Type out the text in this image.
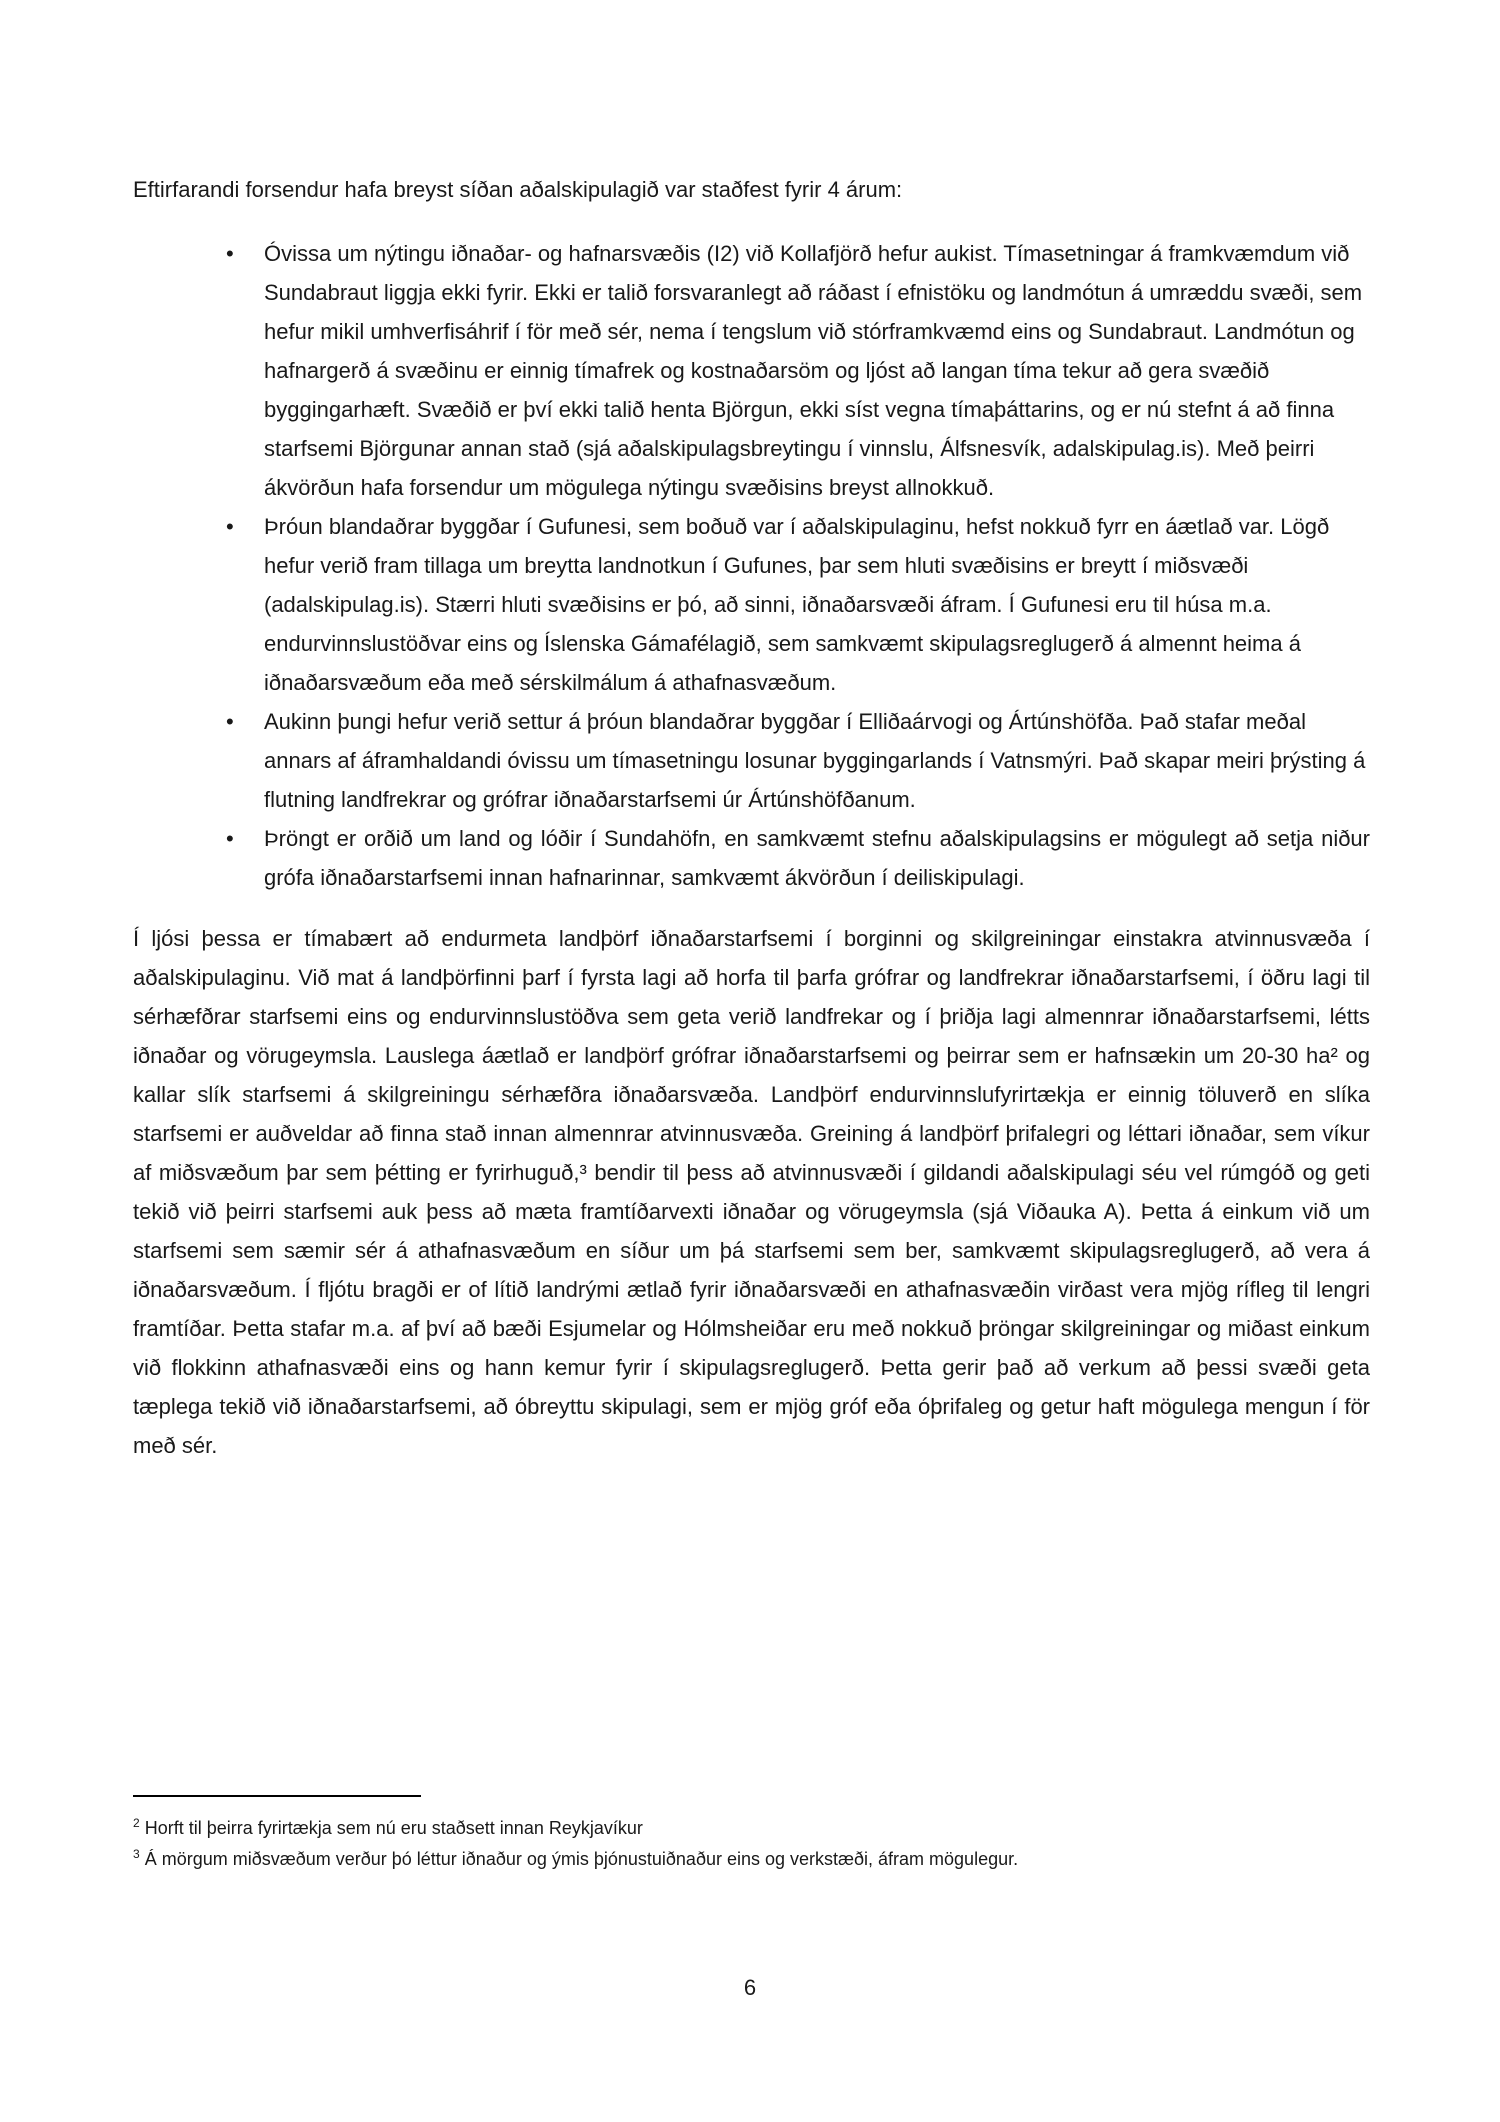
Eftirfarandi forsendur hafa breyst síðan aðalskipulagið var staðfest fyrir 4 árum:

•	Óvissa um nýtingu iðnaðar- og hafnarsvæðis (I2) við Kollafjörð hefur aukist. Tímasetningar á framkvæmdum við Sundabraut liggja ekki fyrir. Ekki er talið forsvaranlegt að ráðast í efnistöku og landmótun á umræddu svæði, sem hefur mikil umhverfisáhrif í för með sér, nema í tengslum við stórframkvæmd eins og Sundabraut. Landmótun og hafnargerð á svæðinu er einnig tímafrek og kostnaðarsöm og ljóst að langan tíma tekur að gera svæðið byggingarhæft. Svæðið er því ekki talið henta Björgun, ekki síst vegna tímaþáttarins, og er nú stefnt á að finna starfsemi Björgunar annan stað (sjá aðalskipulagsbreytingu í vinnslu, Álfsnesvík, adalskipulag.is). Með þeirri ákvörðun hafa forsendur um mögulega nýtingu svæðisins breyst allnokkuð.
•	Þróun blandaðrar byggðar í Gufunesi, sem boðuð var í aðalskipulaginu, hefst nokkuð fyrr en áætlað var. Lögð hefur verið fram tillaga um breytta landnotkun í Gufunes, þar sem hluti svæðisins er breytt í miðsvæði (adalskipulag.is). Stærri hluti svæðisins er þó, að sinni, iðnaðarsvæði áfram. Í Gufunesi eru til húsa m.a. endurvinnslustöðvar eins og Íslenska Gámafélagið, sem samkvæmt skipulagsreglugerð á almennt heima á iðnaðarsvæðum eða með sérskilmálum á athafnasvæðum.
•	Aukinn þungi hefur verið settur á þróun blandaðrar byggðar í Elliðaárvogi og Ártúnshöfða. Það stafar meðal annars af áframhaldandi óvissu um tímasetningu losunar byggingarlands í Vatnsmýri. Það skapar meiri þrýsting á flutning landfrekrar og grófrar iðnaðarstarfsemi úr Ártúnshöfðanum.
•	Þröngt er orðið um land og lóðir í Sundahöfn, en samkvæmt stefnu aðalskipulagsins er mögulegt að setja niður grófa iðnaðarstarfsemi innan hafnarinnar, samkvæmt ákvörðun í deiliskipulagi.

Í ljósi þessa er tímabært að endurmeta landþörf iðnaðarstarfsemi í borginni og skilgreiningar einstakra atvinnusvæða í aðalskipulaginu. Við mat á landþörfinni þarf í fyrsta lagi að horfa til þarfa grófrar og landfrekrar iðnaðarstarfsemi, í öðru lagi til sérhæfðrar starfsemi eins og endurvinnslustöðva sem geta verið landfrekar og í þriðja lagi almennrar iðnaðarstarfsemi, létts iðnaðar og vörugeymsla. Lauslega áætlað er landþörf grófrar iðnaðarstarfsemi og þeirrar sem er hafnsækin um 20-30 ha² og kallar slík starfsemi á skilgreiningu sérhæfðra iðnaðarsvæða. Landþörf endurvinnslufyrirtækja er einnig töluverð en slíka starfsemi er auðveldar að finna stað innan almennrar atvinnusvæða. Greining á landþörf þrifalegri og léttari iðnaðar, sem víkur af miðsvæðum þar sem þétting er fyrirhuguð,³ bendir til þess að atvinnusvæði í gildandi aðalskipulagi séu vel rúmgóð og geti tekið við þeirri starfsemi auk þess að mæta framtíðarvexti iðnaðar og vörugeymsla (sjá Viðauka A). Þetta á einkum við um starfsemi sem sæmir sér á athafnasvæðum en síður um þá starfsemi sem ber, samkvæmt skipulagsreglugerð, að vera á iðnaðarsvæðum. Í fljótu bragði er of lítið landrými ætlað fyrir iðnaðarsvæði en athafnasvæðin virðast vera mjög rífleg til lengri framtíðar. Þetta stafar m.a. af því að bæði Esjumelar og Hólmsheiðar eru með nokkuð þröngar skilgreiningar og miðast einkum við flokkinn athafnasvæði eins og hann kemur fyrir í skipulagsreglugerð. Þetta gerir það að verkum að þessi svæði geta tæplega tekið við iðnaðarstarfsemi, að óbreyttu skipulagi, sem er mjög gróf eða óþrifaleg og getur haft mögulega mengun í för með sér.

$^2$ Horft til þeirra fyrirtækja sem nú eru staðsett innan Reykjavíkur
$^3$ Á mörgum miðsvæðum verður þó léttur iðnaður og ýmis þjónustuiðnaður eins og verkstæði, áfram mögulegur.
6
